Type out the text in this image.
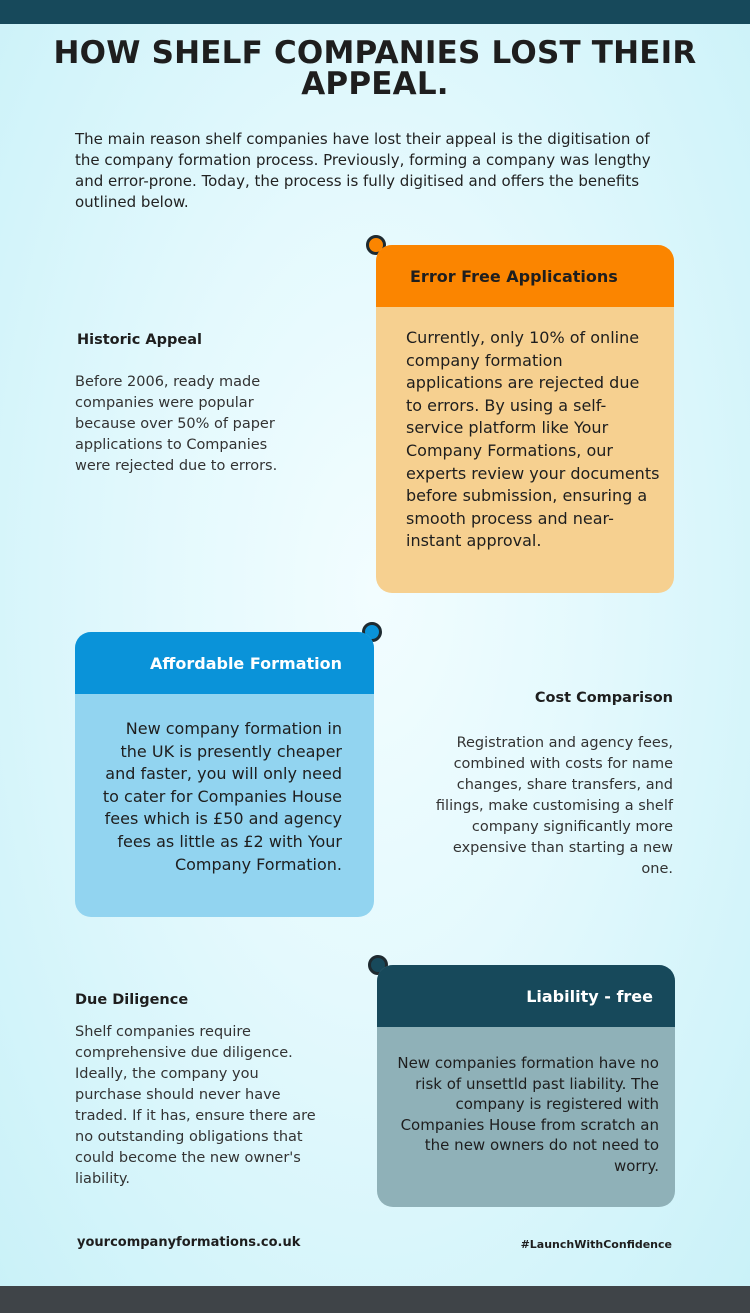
HOW SHELF COMPANIES LOST THEIR APPEAL.

The main reason shelf companies have lost their appeal is the digitisation of the company formation process. Previously, forming a company was lengthy and error-prone. Today, the process is fully digitised and offers the benefits outlined below.

Historic Appeal

Before 2006, ready made companies were popular because over 50% of paper applications to Companies were rejected due to errors.

Error Free Applications
Currently, only 10% of online company formation applications are rejected due to errors. By using a self-service platform like Your Company Formations, our experts review your documents before submission, ensuring a smooth process and near-instant approval.
Affordable Formation
New company formation in the UK is presently cheaper and faster, you will only need to cater for Companies House fees which is £50 and agency fees as little as £2 with Your Company Formation.
Cost Comparison

Registration and agency fees, combined with costs for name changes, share transfers, and filings, make customising a shelf company significantly more expensive than starting a new one.

Due Diligence

Shelf companies require comprehensive due diligence. Ideally, the company you purchase should never have traded. If it has, ensure there are no outstanding obligations that could become the new owner's liability.

Liability - free
New companies formation have no risk of unsettld past liability. The company is registered with Companies House from scratch an the new owners do not need to worry.
yourcompanyformations.co.uk	#LaunchWithConfidence
